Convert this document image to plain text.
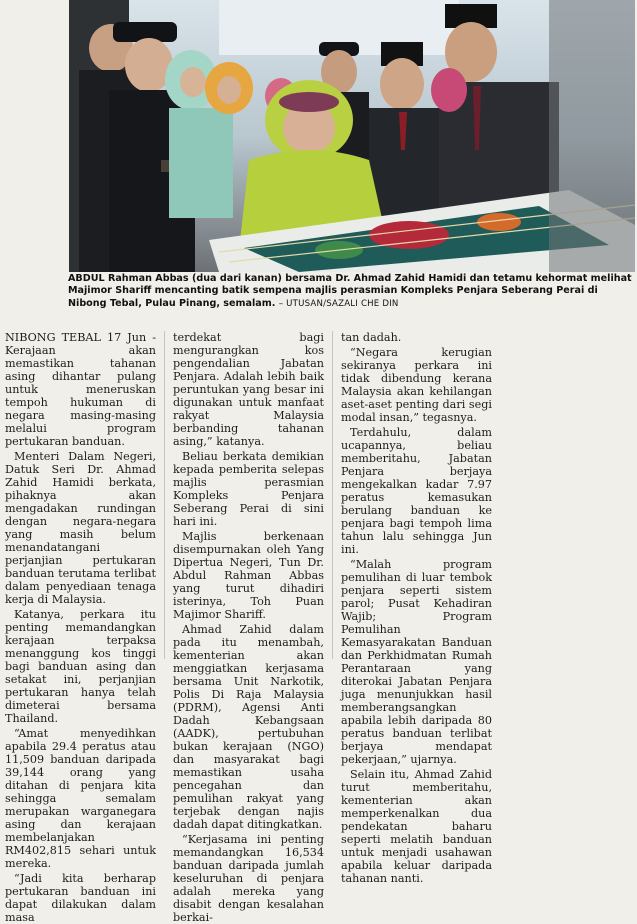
ABDUL Rahman Abbas (dua dari kanan) bersama Dr. Ahmad Zahid Hamidi dan tetamu kehormat melihat Majimor Shariff mencanting batik sempena majlis perasmian Kompleks Penjara Seberang Perai di Nibong Tebal, Pulau Pinang, semalam. – UTUSAN/SAZALI CHE DIN

NIBONG TEBAL 17 Jun - Kerajaan akan memastikan tahanan asing dihantar pulang untuk meneruskan tempoh hukuman di negara masing-masing melalui program pertukaran banduan.

Menteri Dalam Negeri, Datuk Seri Dr. Ahmad Zahid Hamidi berkata, pihaknya akan mengadakan rundingan dengan negara-negara yang masih belum menandatangani perjanjian pertukaran banduan terutama terlibat dalam penyediaan tenaga kerja di Malaysia.

Katanya, perkara itu penting memandangkan kerajaan terpaksa menanggung kos tinggi bagi banduan asing dan setakat ini, perjanjian pertukaran hanya telah dimeterai bersama Thailand.

“Amat menyedihkan apabila 29.4 peratus atau 11,509 banduan daripada 39,144 orang yang ditahan di penjara kita sehingga semalam merupakan warganegara asing dan kerajaan membelanjakan RM402,815 sehari untuk mereka.

“Jadi kita berharap pertukaran banduan ini dapat dilakukan dalam masa

terdekat bagi mengurangkan kos pengendalian Jabatan Penjara. Adalah lebih baik peruntukan yang besar ini digunakan untuk manfaat rakyat Malaysia berbanding tahanan asing,” katanya.

Beliau berkata demikian kepada pemberita selepas majlis perasmian Kompleks Penjara Seberang Perai di sini hari ini.

Majlis berkenaan disempurnakan oleh Yang Dipertua Negeri, Tun Dr. Abdul Rahman Abbas yang turut dihadiri isterinya, Toh Puan Majimor Shariff.

Ahmad Zahid dalam pada itu menambah, kementerian akan menggiatkan kerjasama bersama Unit Narkotik, Polis Di Raja Malaysia (PDRM), Agensi Anti Dadah Kebangsaan (AADK), pertubuhan bukan kerajaan (NGO) dan masyarakat bagi memastikan usaha pencegahan dan pemulihan rakyat yang terjebak dengan najis dadah dapat ditingkatkan.

“Kerjasama ini penting memandangkan 16,534 banduan daripada jumlah keseluruhan di penjara adalah mereka yang disabit dengan kesalahan berkai-

tan dadah.

“Negara kerugian sekiranya perkara ini tidak dibendung kerana Malaysia akan kehilangan aset-aset penting dari segi modal insan,” tegasnya.

Terdahulu, dalam ucapannya, beliau memberitahu, Jabatan Penjara berjaya mengekalkan kadar 7.97 peratus kemasukan berulang banduan ke penjara bagi tempoh lima tahun lalu sehingga Jun ini.

“Malah program pemulihan di luar tembok penjara seperti sistem parol; Pusat Kehadiran Wajib; Program Pemulihan Kemasyarakatan Banduan dan Perkhidmatan Rumah Perantaraan yang diterokai Jabatan Penjara juga menunjukkan hasil memberangsangkan apabila lebih daripada 80 peratus banduan terlibat berjaya mendapat pekerjaan,” ujarnya.

Selain itu, Ahmad Zahid turut memberitahu, kementerian akan memperkenalkan dua pendekatan baharu seperti melatih banduan untuk menjadi usahawan apabila keluar daripada tahanan nanti.
